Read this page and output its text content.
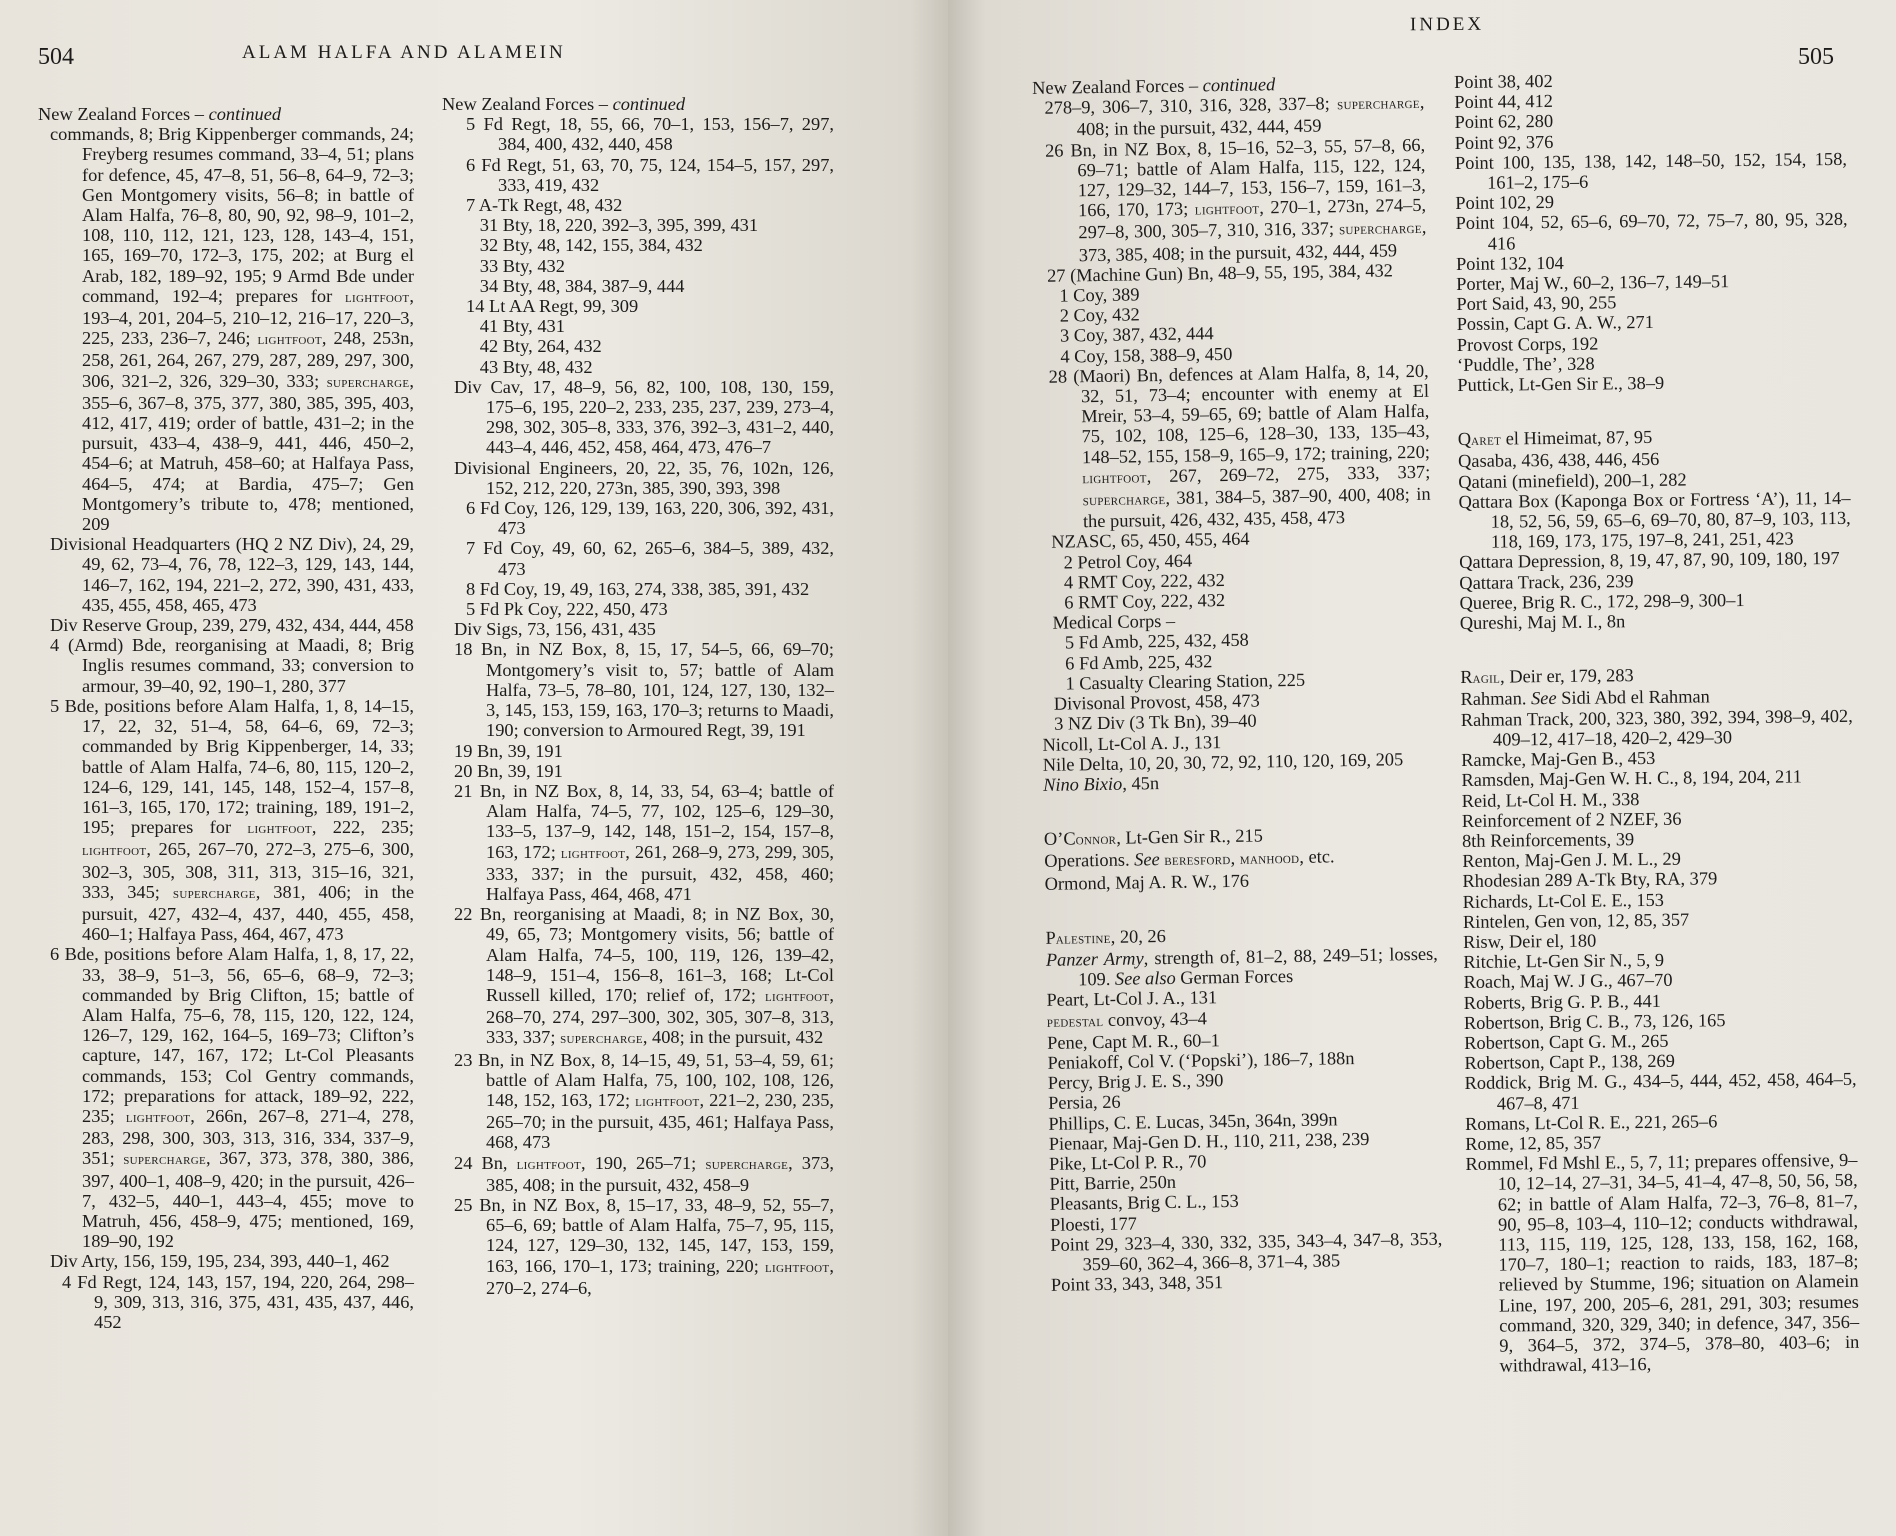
504	ALAM HALFA AND ALAMEIN
New Zealand Forces – continued
commands, 8; Brig Kippenberger commands, 24; Freyberg resumes command, 33–4, 51; plans for defence, 45, 47–8, 51, 56–8, 64–9, 72–3; Gen Montgomery visits, 56–8; in battle of Alam Halfa, 76–8, 80, 90, 92, 98–9, 101–2, 108, 110, 112, 121, 123, 128, 143–4, 151, 165, 169–70, 172–3, 175, 202; at Burg el Arab, 182, 189–92, 195; 9 Armd Bde under command, 192–4; prepares for lightfoot, 193–4, 201, 204–5, 210–12, 216–17, 220–3, 225, 233, 236–7, 246; lightfoot, 248, 253n, 258, 261, 264, 267, 279, 287, 289, 297, 300, 306, 321–2, 326, 329–30, 333; supercharge, 355–6, 367–8, 375, 377, 380, 385, 395, 403, 412, 417, 419; order of battle, 431–2; in the pursuit, 433–4, 438–9, 441, 446, 450–2, 454–6; at Matruh, 458–60; at Halfaya Pass, 464–5, 474; at Bardia, 475–7; Gen Montgomery’s tribute to, 478; mentioned, 209
Divisional Headquarters (HQ 2 NZ Div), 24, 29, 49, 62, 73–4, 76, 78, 122–3, 129, 143, 144, 146–7, 162, 194, 221–2, 272, 390, 431, 433, 435, 455, 458, 465, 473
Div Reserve Group, 239, 279, 432, 434, 444, 458
4 (Armd) Bde, reorganising at Maadi, 8; Brig Inglis resumes command, 33; conversion to armour, 39–40, 92, 190–1, 280, 377
5 Bde, positions before Alam Halfa, 1, 8, 14–15, 17, 22, 32, 51–4, 58, 64–6, 69, 72–3; commanded by Brig Kippenberger, 14, 33; battle of Alam Halfa, 74–6, 80, 115, 120–2, 124–6, 129, 141, 145, 148, 152–4, 157–8, 161–3, 165, 170, 172; training, 189, 191–2, 195; prepares for lightfoot, 222, 235; lightfoot, 265, 267–70, 272–3, 275–6, 300, 302–3, 305, 308, 311, 313, 315–16, 321, 333, 345; supercharge, 381, 406; in the pursuit, 427, 432–4, 437, 440, 455, 458, 460–1; Halfaya Pass, 464, 467, 473
6 Bde, positions before Alam Halfa, 1, 8, 17, 22, 33, 38–9, 51–3, 56, 65–6, 68–9, 72–3; commanded by Brig Clifton, 15; battle of Alam Halfa, 75–6, 78, 115, 120, 122, 124, 126–7, 129, 162, 164–5, 169–73; Clifton’s capture, 147, 167, 172; Lt-Col Pleasants commands, 153; Col Gentry commands, 172; preparations for attack, 189–92, 222, 235; lightfoot, 266n, 267–8, 271–4, 278, 283, 298, 300, 303, 313, 316, 334, 337–9, 351; supercharge, 367, 373, 378, 380, 386, 397, 400–1, 408–9, 420; in the pursuit, 426–7, 432–5, 440–1, 443–4, 455; move to Matruh, 456, 458–9, 475; mentioned, 169, 189–90, 192
Div Arty, 156, 159, 195, 234, 393, 440–1, 462
4 Fd Regt, 124, 143, 157, 194, 220, 264, 298–9, 309, 313, 316, 375, 431, 435, 437, 446, 452
New Zealand Forces – continued
5 Fd Regt, 18, 55, 66, 70–1, 153, 156–7, 297, 384, 400, 432, 440, 458
6 Fd Regt, 51, 63, 70, 75, 124, 154–5, 157, 297, 333, 419, 432
7 A-Tk Regt, 48, 432
31 Bty, 18, 220, 392–3, 395, 399, 431
32 Bty, 48, 142, 155, 384, 432
33 Bty, 432
34 Bty, 48, 384, 387–9, 444
14 Lt AA Regt, 99, 309
41 Bty, 431
42 Bty, 264, 432
43 Bty, 48, 432
Div Cav, 17, 48–9, 56, 82, 100, 108, 130, 159, 175–6, 195, 220–2, 233, 235, 237, 239, 273–4, 298, 302, 305–8, 333, 376, 392–3, 431–2, 440, 443–4, 446, 452, 458, 464, 473, 476–7
Divisional Engineers, 20, 22, 35, 76, 102n, 126, 152, 212, 220, 273n, 385, 390, 393, 398
6 Fd Coy, 126, 129, 139, 163, 220, 306, 392, 431, 473
7 Fd Coy, 49, 60, 62, 265–6, 384–5, 389, 432, 473
8 Fd Coy, 19, 49, 163, 274, 338, 385, 391, 432
5 Fd Pk Coy, 222, 450, 473
Div Sigs, 73, 156, 431, 435
18 Bn, in NZ Box, 8, 15, 17, 54–5, 66, 69–70; Montgomery’s visit to, 57; battle of Alam Halfa, 73–5, 78–80, 101, 124, 127, 130, 132–3, 145, 153, 159, 163, 170–3; returns to Maadi, 190; conversion to Armoured Regt, 39, 191
19 Bn, 39, 191
20 Bn, 39, 191
21 Bn, in NZ Box, 8, 14, 33, 54, 63–4; battle of Alam Halfa, 74–5, 77, 102, 125–6, 129–30, 133–5, 137–9, 142, 148, 151–2, 154, 157–8, 163, 172; lightfoot, 261, 268–9, 273, 299, 305, 333, 337; in the pursuit, 432, 458, 460; Halfaya Pass, 464, 468, 471
22 Bn, reorganising at Maadi, 8; in NZ Box, 30, 49, 65, 73; Montgomery visits, 56; battle of Alam Halfa, 74–5, 100, 119, 126, 139–42, 148–9, 151–4, 156–8, 161–3, 168; Lt-Col Russell killed, 170; relief of, 172; lightfoot, 268–70, 274, 297–300, 302, 305, 307–8, 313, 333, 337; supercharge, 408; in the pursuit, 432
23 Bn, in NZ Box, 8, 14–15, 49, 51, 53–4, 59, 61; battle of Alam Halfa, 75, 100, 102, 108, 126, 148, 152, 163, 172; lightfoot, 221–2, 230, 235, 265–70; in the pursuit, 435, 461; Halfaya Pass, 468, 473
24 Bn, lightfoot, 190, 265–71; supercharge, 373, 385, 408; in the pursuit, 432, 458–9
25 Bn, in NZ Box, 8, 15–17, 33, 48–9, 52, 55–7, 65–6, 69; battle of Alam Halfa, 75–7, 95, 115, 124, 127, 129–30, 132, 145, 147, 153, 159, 163, 166, 170–1, 173; training, 220; lightfoot, 270–2, 274–6,
INDEX
505
New Zealand Forces – continued
278–9, 306–7, 310, 316, 328, 337–8; supercharge, 408; in the pursuit, 432, 444, 459
26 Bn, in NZ Box, 8, 15–16, 52–3, 55, 57–8, 66, 69–71; battle of Alam Halfa, 115, 122, 124, 127, 129–32, 144–7, 153, 156–7, 159, 161–3, 166, 170, 173; lightfoot, 270–1, 273n, 274–5, 297–8, 300, 305–7, 310, 316, 337; supercharge, 373, 385, 408; in the pursuit, 432, 444, 459
27 (Machine Gun) Bn, 48–9, 55, 195, 384, 432
1 Coy, 389
2 Coy, 432
3 Coy, 387, 432, 444
4 Coy, 158, 388–9, 450
28 (Maori) Bn, defences at Alam Halfa, 8, 14, 20, 32, 51, 73–4; encounter with enemy at El Mreir, 53–4, 59–65, 69; battle of Alam Halfa, 75, 102, 108, 125–6, 128–30, 133, 135–43, 148–52, 155, 158–9, 165–9, 172; training, 220; lightfoot, 267, 269–72, 275, 333, 337; supercharge, 381, 384–5, 387–90, 400, 408; in the pursuit, 426, 432, 435, 458, 473
NZASC, 65, 450, 455, 464
2 Petrol Coy, 464
4 RMT Coy, 222, 432
6 RMT Coy, 222, 432
Medical Corps –
5 Fd Amb, 225, 432, 458
6 Fd Amb, 225, 432
1 Casualty Clearing Station, 225
Divisonal Provost, 458, 473
3 NZ Div (3 Tk Bn), 39–40
Nicoll, Lt-Col A. J., 131
Nile Delta, 10, 20, 30, 72, 92, 110, 120, 169, 205
Nino Bixio, 45n
O’Connor, Lt-Gen Sir R., 215
Operations. See beresford, manhood, etc.
Ormond, Maj A. R. W., 176
Palestine, 20, 26
Panzer Army, strength of, 81–2, 88, 249–51; losses, 109. See also German Forces
Peart, Lt-Col J. A., 131
pedestal convoy, 43–4
Pene, Capt M. R., 60–1
Peniakoff, Col V. (‘Popski’), 186–7, 188n
Percy, Brig J. E. S., 390
Persia, 26
Phillips, C. E. Lucas, 345n, 364n, 399n
Pienaar, Maj-Gen D. H., 110, 211, 238, 239
Pike, Lt-Col P. R., 70
Pitt, Barrie, 250n
Pleasants, Brig C. L., 153
Ploesti, 177
Point 29, 323–4, 330, 332, 335, 343–4, 347–8, 353, 359–60, 362–4, 366–8, 371–4, 385
Point 33, 343, 348, 351
Point 38, 402
Point 44, 412
Point 62, 280
Point 92, 376
Point 100, 135, 138, 142, 148–50, 152, 154, 158, 161–2, 175–6
Point 102, 29
Point 104, 52, 65–6, 69–70, 72, 75–7, 80, 95, 328, 416
Point 132, 104
Porter, Maj W., 60–2, 136–7, 149–51
Port Said, 43, 90, 255
Possin, Capt G. A. W., 271
Provost Corps, 192
‘Puddle, The’, 328
Puttick, Lt-Gen Sir E., 38–9
Qaret el Himeimat, 87, 95
Qasaba, 436, 438, 446, 456
Qatani (minefield), 200–1, 282
Qattara Box (Kaponga Box or Fortress ‘A’), 11, 14–18, 52, 56, 59, 65–6, 69–70, 80, 87–9, 103, 113, 118, 169, 173, 175, 197–8, 241, 251, 423
Qattara Depression, 8, 19, 47, 87, 90, 109, 180, 197
Qattara Track, 236, 239
Queree, Brig R. C., 172, 298–9, 300–1
Qureshi, Maj M. I., 8n
Ragil, Deir er, 179, 283
Rahman. See Sidi Abd el Rahman
Rahman Track, 200, 323, 380, 392, 394, 398–9, 402, 409–12, 417–18, 420–2, 429–30
Ramcke, Maj-Gen B., 453
Ramsden, Maj-Gen W. H. C., 8, 194, 204, 211
Reid, Lt-Col H. M., 338
Reinforcement of 2 NZEF, 36
8th Reinforcements, 39
Renton, Maj-Gen J. M. L., 29
Rhodesian 289 A-Tk Bty, RA, 379
Richards, Lt-Col E. E., 153
Rintelen, Gen von, 12, 85, 357
Risw, Deir el, 180
Ritchie, Lt-Gen Sir N., 5, 9
Roach, Maj W. J G., 467–70
Roberts, Brig G. P. B., 441
Robertson, Brig C. B., 73, 126, 165
Robertson, Capt G. M., 265
Robertson, Capt P., 138, 269
Roddick, Brig M. G., 434–5, 444, 452, 458, 464–5, 467–8, 471
Romans, Lt-Col R. E., 221, 265–6
Rome, 12, 85, 357
Rommel, Fd Mshl E., 5, 7, 11; prepares offensive, 9–10, 12–14, 27–31, 34–5, 41–4, 47–8, 50, 56, 58, 62; in battle of Alam Halfa, 72–3, 76–8, 81–7, 90, 95–8, 103–4, 110–12; conducts withdrawal, 113, 115, 119, 125, 128, 133, 158, 162, 168, 170–7, 180–1; reaction to raids, 183, 187–8; relieved by Stumme, 196; situation on Alamein Line, 197, 200, 205–6, 281, 291, 303; resumes command, 320, 329, 340; in defence, 347, 356–9, 364–5, 372, 374–5, 378–80, 403–6; in withdrawal, 413–16,
